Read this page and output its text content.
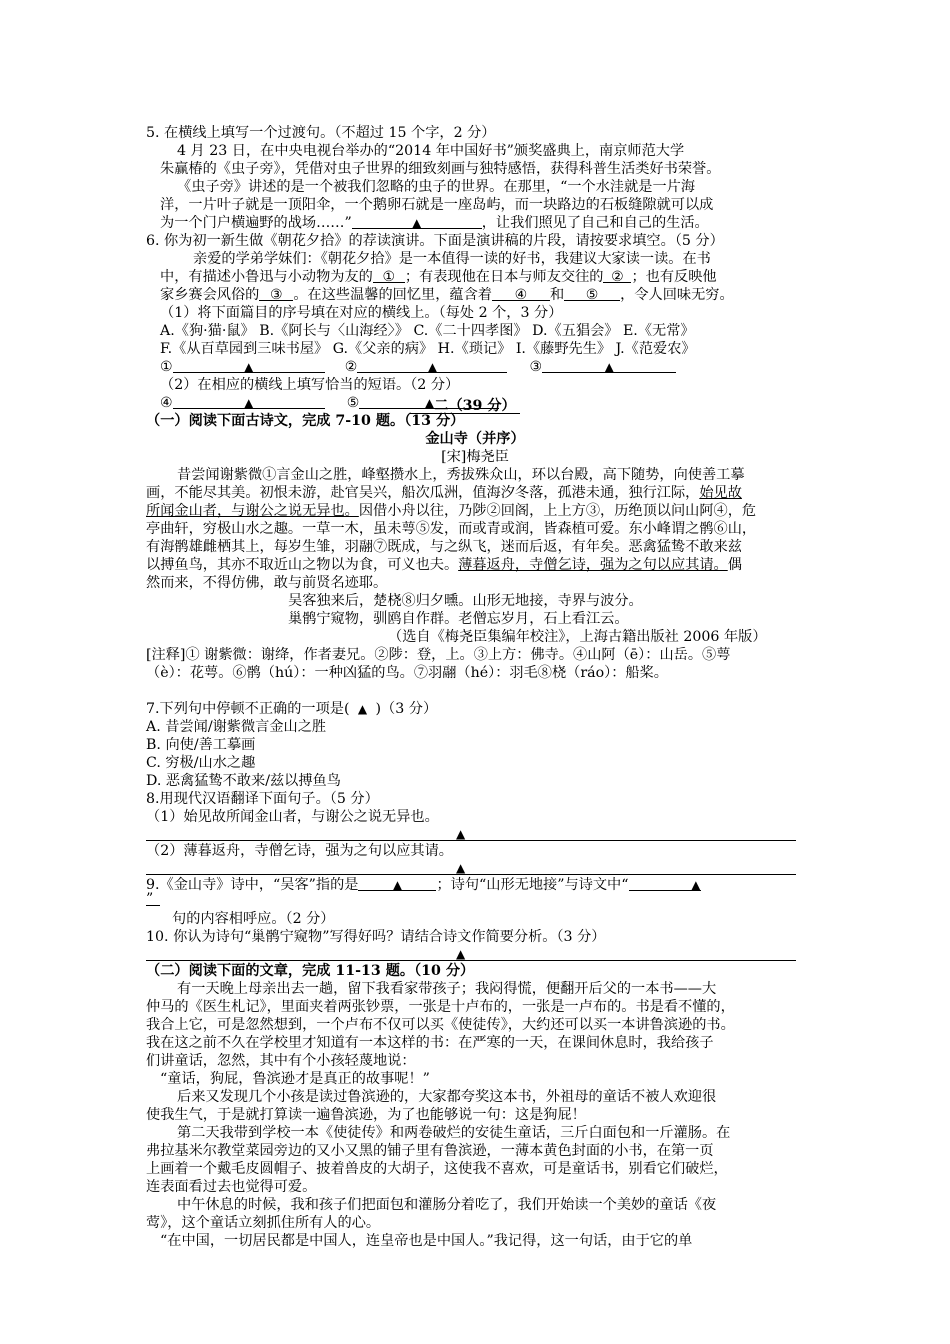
5. 在横线上填写一个过渡句。（不超过 15 个字，2 分）
4 月 23 日，在中央电视台举办的“2014 年中国好书”颁奖盛典上，南京师范大学
朱赢椿的《虫子旁》，凭借对虫子世界的细致刻画与独特感悟，获得科普生活类好书荣誉。
《虫子旁》讲述的是一个被我们忽略的虫子的世界。在那里，“一个水洼就是一片海
洋，一片叶子就是一顶阳伞，一个鹅卵石就是一座岛屿，而一块路边的石板缝隙就可以成
为一个门户横遍野的战场……”	▲	，让我们照见了自己和自己的生活。
6. 你为初一新生做《朝花夕拾》的荐读演讲。下面是演讲稿的片段，请按要求填空。（5 分）
亲爱的学弟学妹们：《朝花夕拾》是一本值得一读的好书，我建议大家读一读。在书
中，有描述小鲁迅与小动物为友的 ① ；有表现他在日本与师友交往的 ② ；也有反映他
家乡赛会风俗的 ③ 。在这些温馨的回忆里，蕴含着 ④ 和 ⑤ ，令人回味无穷。
（1）将下面篇目的序号填在对应的横线上。（每处 2 个，3 分）
A.《狗·猫·鼠》 B.《阿长与〈山海经〉》 C.《二十四孝图》 D.《五猖会》 E.《无常》
F.《从百草园到三味书屋》 G.《父亲的病》 H.《琐记》 I.《藤野先生》 J.《范爱农》
①	▲	②	▲	③	▲
（2）在相应的横线上填写恰当的短语。（2 分）
④	▲	⑤	▲ 二（39 分）
（一）阅读下面古诗文，完成 7-10 题。（13 分）
金山寺（并序）
[宋]梅尧臣
昔尝闻谢紫微①言金山之胜，峰壑攒水上，秀拔殊众山，环以台殿，高下随势，向使善工摹
画，不能尽其美。初恨未游，赴官吴兴，船次瓜洲，值海汐冬落，孤港未通，独行江际，始见故
所闻金山者，与谢公之说无异也。因借小舟以往，乃陟②回阁，上上方③，历绝顶以问山阿④，危
亭曲轩，穷极山水之趣。一草一木，虽未萼⑤发，而或青或润，皆森植可爱。东小峰谓之鹘⑥山，
有海鹘雄雌栖其上，每岁生雏，羽翮⑦既成，与之纵飞，迷而后返，有年矣。恶禽猛鸷不敢来兹
以搏鱼鸟，其亦不取近山之物以为食，可义也夫。薄暮返舟，寺僧乞诗，强为之句以应其请。偶
然而来，不得仿佛，敢与前贤名迹耶。
吴客独来后，楚桡⑧归夕曛。山形无地接，寺界与波分。
巢鹘宁窥物，驯鸥自作群。老僧忘岁月，石上看江云。
（选自《梅尧臣集编年校注》，上海古籍出版社 2006 年版）
[注释]① 谢紫微：谢绛，作者妻兄。②陟：登，上。③上方：佛寺。④山阿（ē）：山岳。⑤萼
（è）：花萼。⑥鹘（hú）：一种凶猛的鸟。⑦羽翮（hé）：羽毛⑧桡（ráo）：船桨。
7.下列句中停顿不正确的一项是( ▲ )（3 分）
A. 昔尝闻/谢紫微言金山之胜
B. 向使/善工摹画
C. 穷极/山水之趣
D. 恶禽猛鸷不敢来/兹以搏鱼鸟
8.用现代汉语翻译下面句子。（5 分）
（1）始见故所闻金山者，与谢公之说无异也。
▲
（2）薄暮返舟，寺僧乞诗，强为之句以应其请。
▲
9.《金山寺》诗中，“吴客”指的是	▲ ；诗句“山形无地接”与诗文中“	▲
”
句的内容相呼应。（2 分）
10. 你认为诗句“巢鹘宁窥物”写得好吗？请结合诗文作简要分析。（3 分）
▲
（二）阅读下面的文章，完成 11-13 题。（10 分）
有一天晚上母亲出去一趟，留下我看家带孩子；我闷得慌，便翻开后父的一本书——大
仲马的《医生札记》，里面夹着两张钞票，一张是十卢布的，一张是一卢布的。书是看不懂的，
我合上它，可是忽然想到，一个卢布不仅可以买《使徒传》，大约还可以买一本讲鲁滨逊的书。
我在这之前不久在学校里才知道有一本这样的书：在严寒的一天，在课间休息时，我给孩子
们讲童话，忽然，其中有个小孩轻蔑地说：
“童话，狗屁，鲁滨逊才是真正的故事呢！”
后来又发现几个小孩是读过鲁滨逊的，大家都夸奖这本书，外祖母的童话不被人欢迎很
使我生气，于是就打算读一遍鲁滨逊，为了也能够说一句：这是狗屁！
第二天我带到学校一本《使徒传》和两卷破烂的安徒生童话，三斤白面包和一斤灌肠。在
弗拉基米尔教堂菜园旁边的又小又黑的铺子里有鲁滨逊，一薄本黄色封面的小书，在第一页
上画着一个戴毛皮圆帽子、披着兽皮的大胡子，这使我不喜欢，可是童话书，别看它们破烂，
连表面看过去也觉得可爱。
中午休息的时候，我和孩子们把面包和灌肠分着吃了，我们开始读一个美妙的童话《夜
莺》，这个童话立刻抓住所有人的心。
“在中国，一切居民都是中国人，连皇帝也是中国人。”我记得，这一句话，由于它的单
